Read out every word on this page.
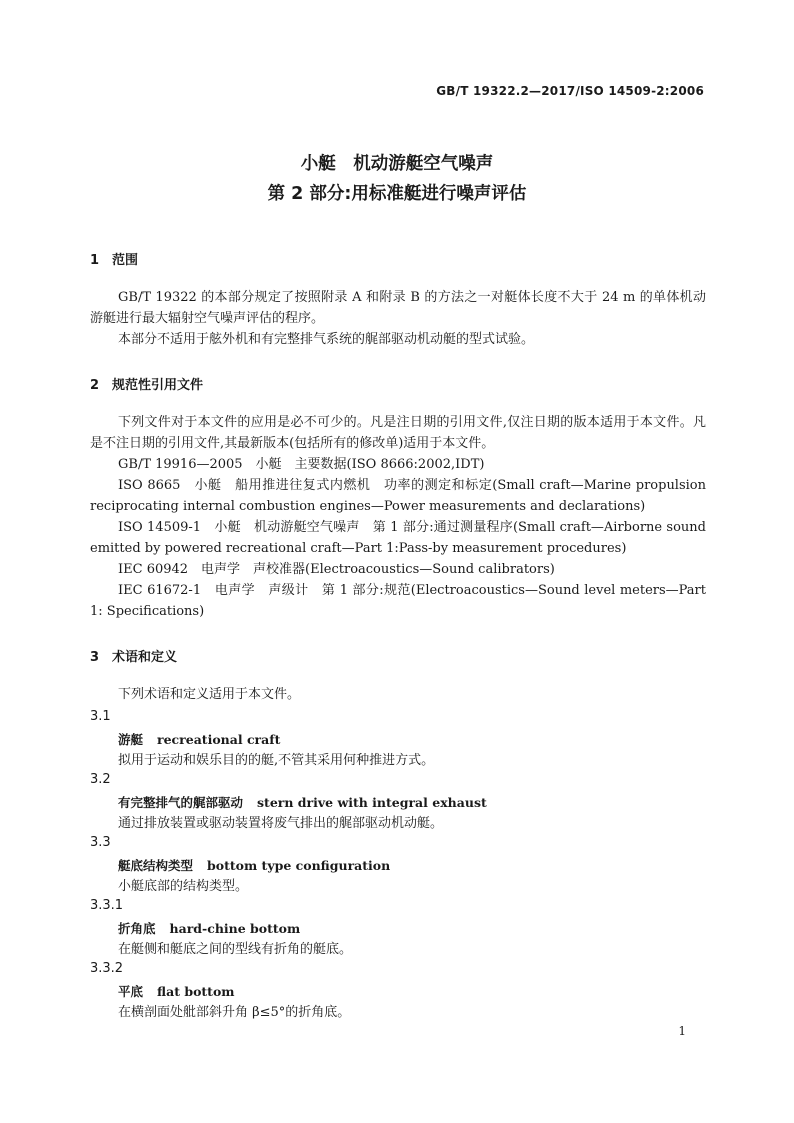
GB/T 19322.2—2017/ISO 14509-2:2006
小艇　机动游艇空气噪声
第 2 部分:用标准艇进行噪声评估
1 范围

GB/T 19322 的本部分规定了按照附录 A 和附录 B 的方法之一对艇体长度不大于 24 m 的单体机动游艇进行最大辐射空气噪声评估的程序。

本部分不适用于舷外机和有完整排气系统的艉部驱动机动艇的型式试验。

2 规范性引用文件

下列文件对于本文件的应用是必不可少的。凡是注日期的引用文件,仅注日期的版本适用于本文件。凡是不注日期的引用文件,其最新版本(包括所有的修改单)适用于本文件。

GB/T 19916—2005　小艇　主要数据(ISO 8666:2002,IDT)

ISO 8665　小艇　船用推进往复式内燃机　功率的测定和标定(Small craft—Marine propulsion reciprocating internal combustion engines—Power measurements and declarations)

ISO 14509-1　小艇　机动游艇空气噪声　第 1 部分:通过测量程序(Small craft—Airborne sound emitted by powered recreational craft—Part 1:Pass-by measurement procedures)

IEC 60942　电声学　声校准器(Electroacoustics—Sound calibrators)

IEC 61672-1　电声学　声级计　第 1 部分:规范(Electroacoustics—Sound level meters—Part 1: Specifications)

3 术语和定义
下列术语和定义适用于本文件。
3.1
游艇 recreational craft
拟用于运动和娱乐目的的艇,不管其采用何种推进方式。
3.2
有完整排气的艉部驱动 stern drive with integral exhaust
通过排放装置或驱动装置将废气排出的艉部驱动机动艇。
3.3
艇底结构类型 bottom type configuration
小艇底部的结构类型。
3.3.1
折角底 hard-chine bottom
在艇侧和艇底之间的型线有折角的艇底。
3.3.2
平底 flat bottom
在横剖面处舭部斜升角 β≤5°的折角底。
1
